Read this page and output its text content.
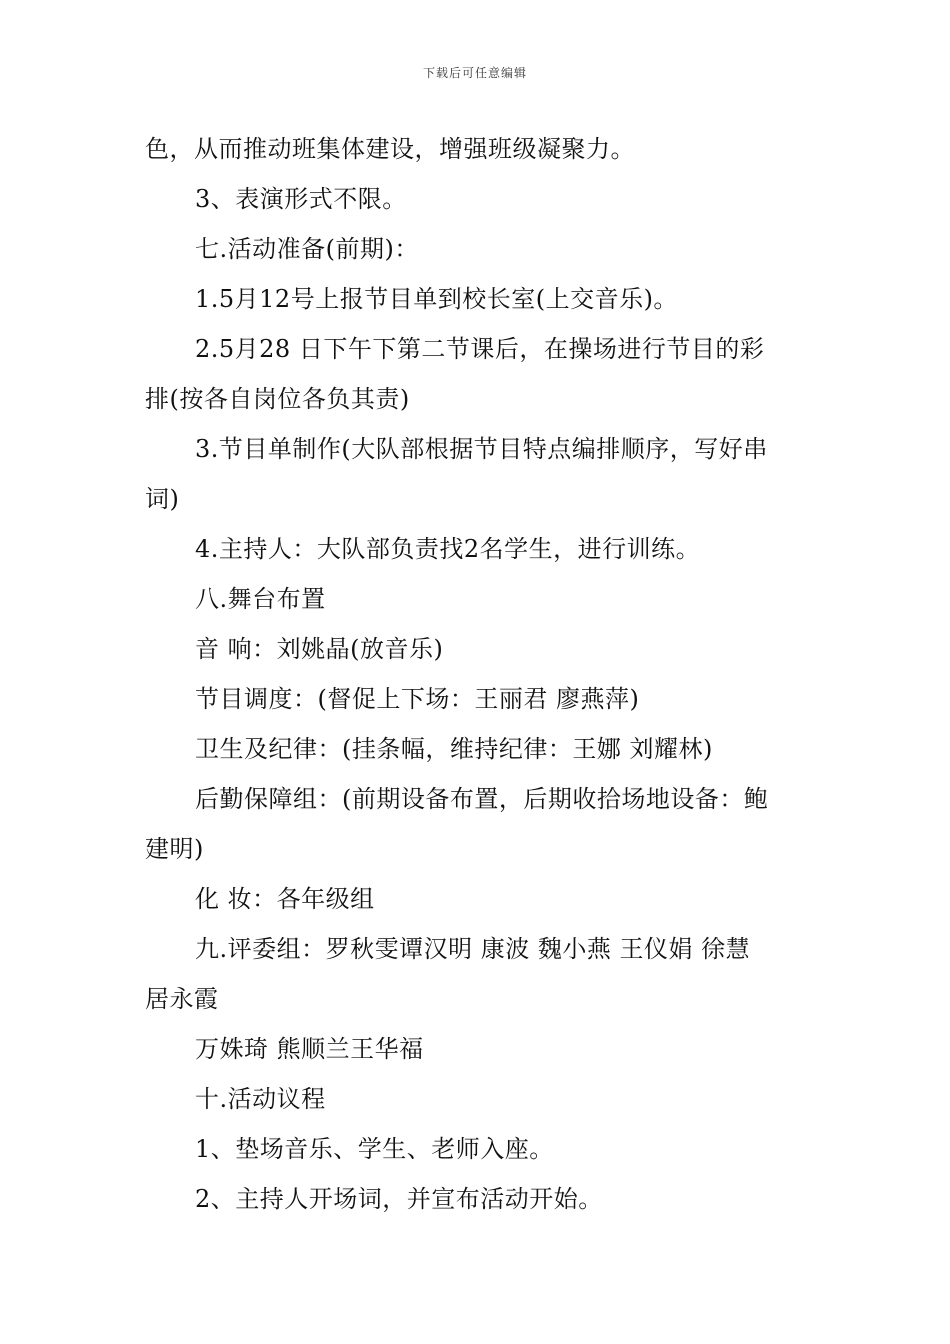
下载后可任意编辑
色，从而推动班集体建设，增强班级凝聚力。
3、表演形式不限。
七.活动准备(前期)：
1.5月12号上报节目单到校长室(上交音乐)。
2.5月28 日下午下第二节课后，在操场进行节目的彩
排(按各自岗位各负其责)
3.节目单制作(大队部根据节目特点编排顺序，写好串
词)
4.主持人：大队部负责找2名学生，进行训练。
八.舞台布置
音 响：刘姚晶(放音乐)
节目调度：(督促上下场：王丽君 廖燕萍)
卫生及纪律：(挂条幅，维持纪律：王娜 刘耀林)
后勤保障组：(前期设备布置，后期收拾场地设备：鲍
建明)
化 妆：各年级组
九.评委组：罗秋雯谭汉明 康波 魏小燕 王仪娟 徐慧
居永霞
万姝琦 熊顺兰王华福
十.活动议程
1、垫场音乐、学生、老师入座。
2、主持人开场词，并宣布活动开始。
